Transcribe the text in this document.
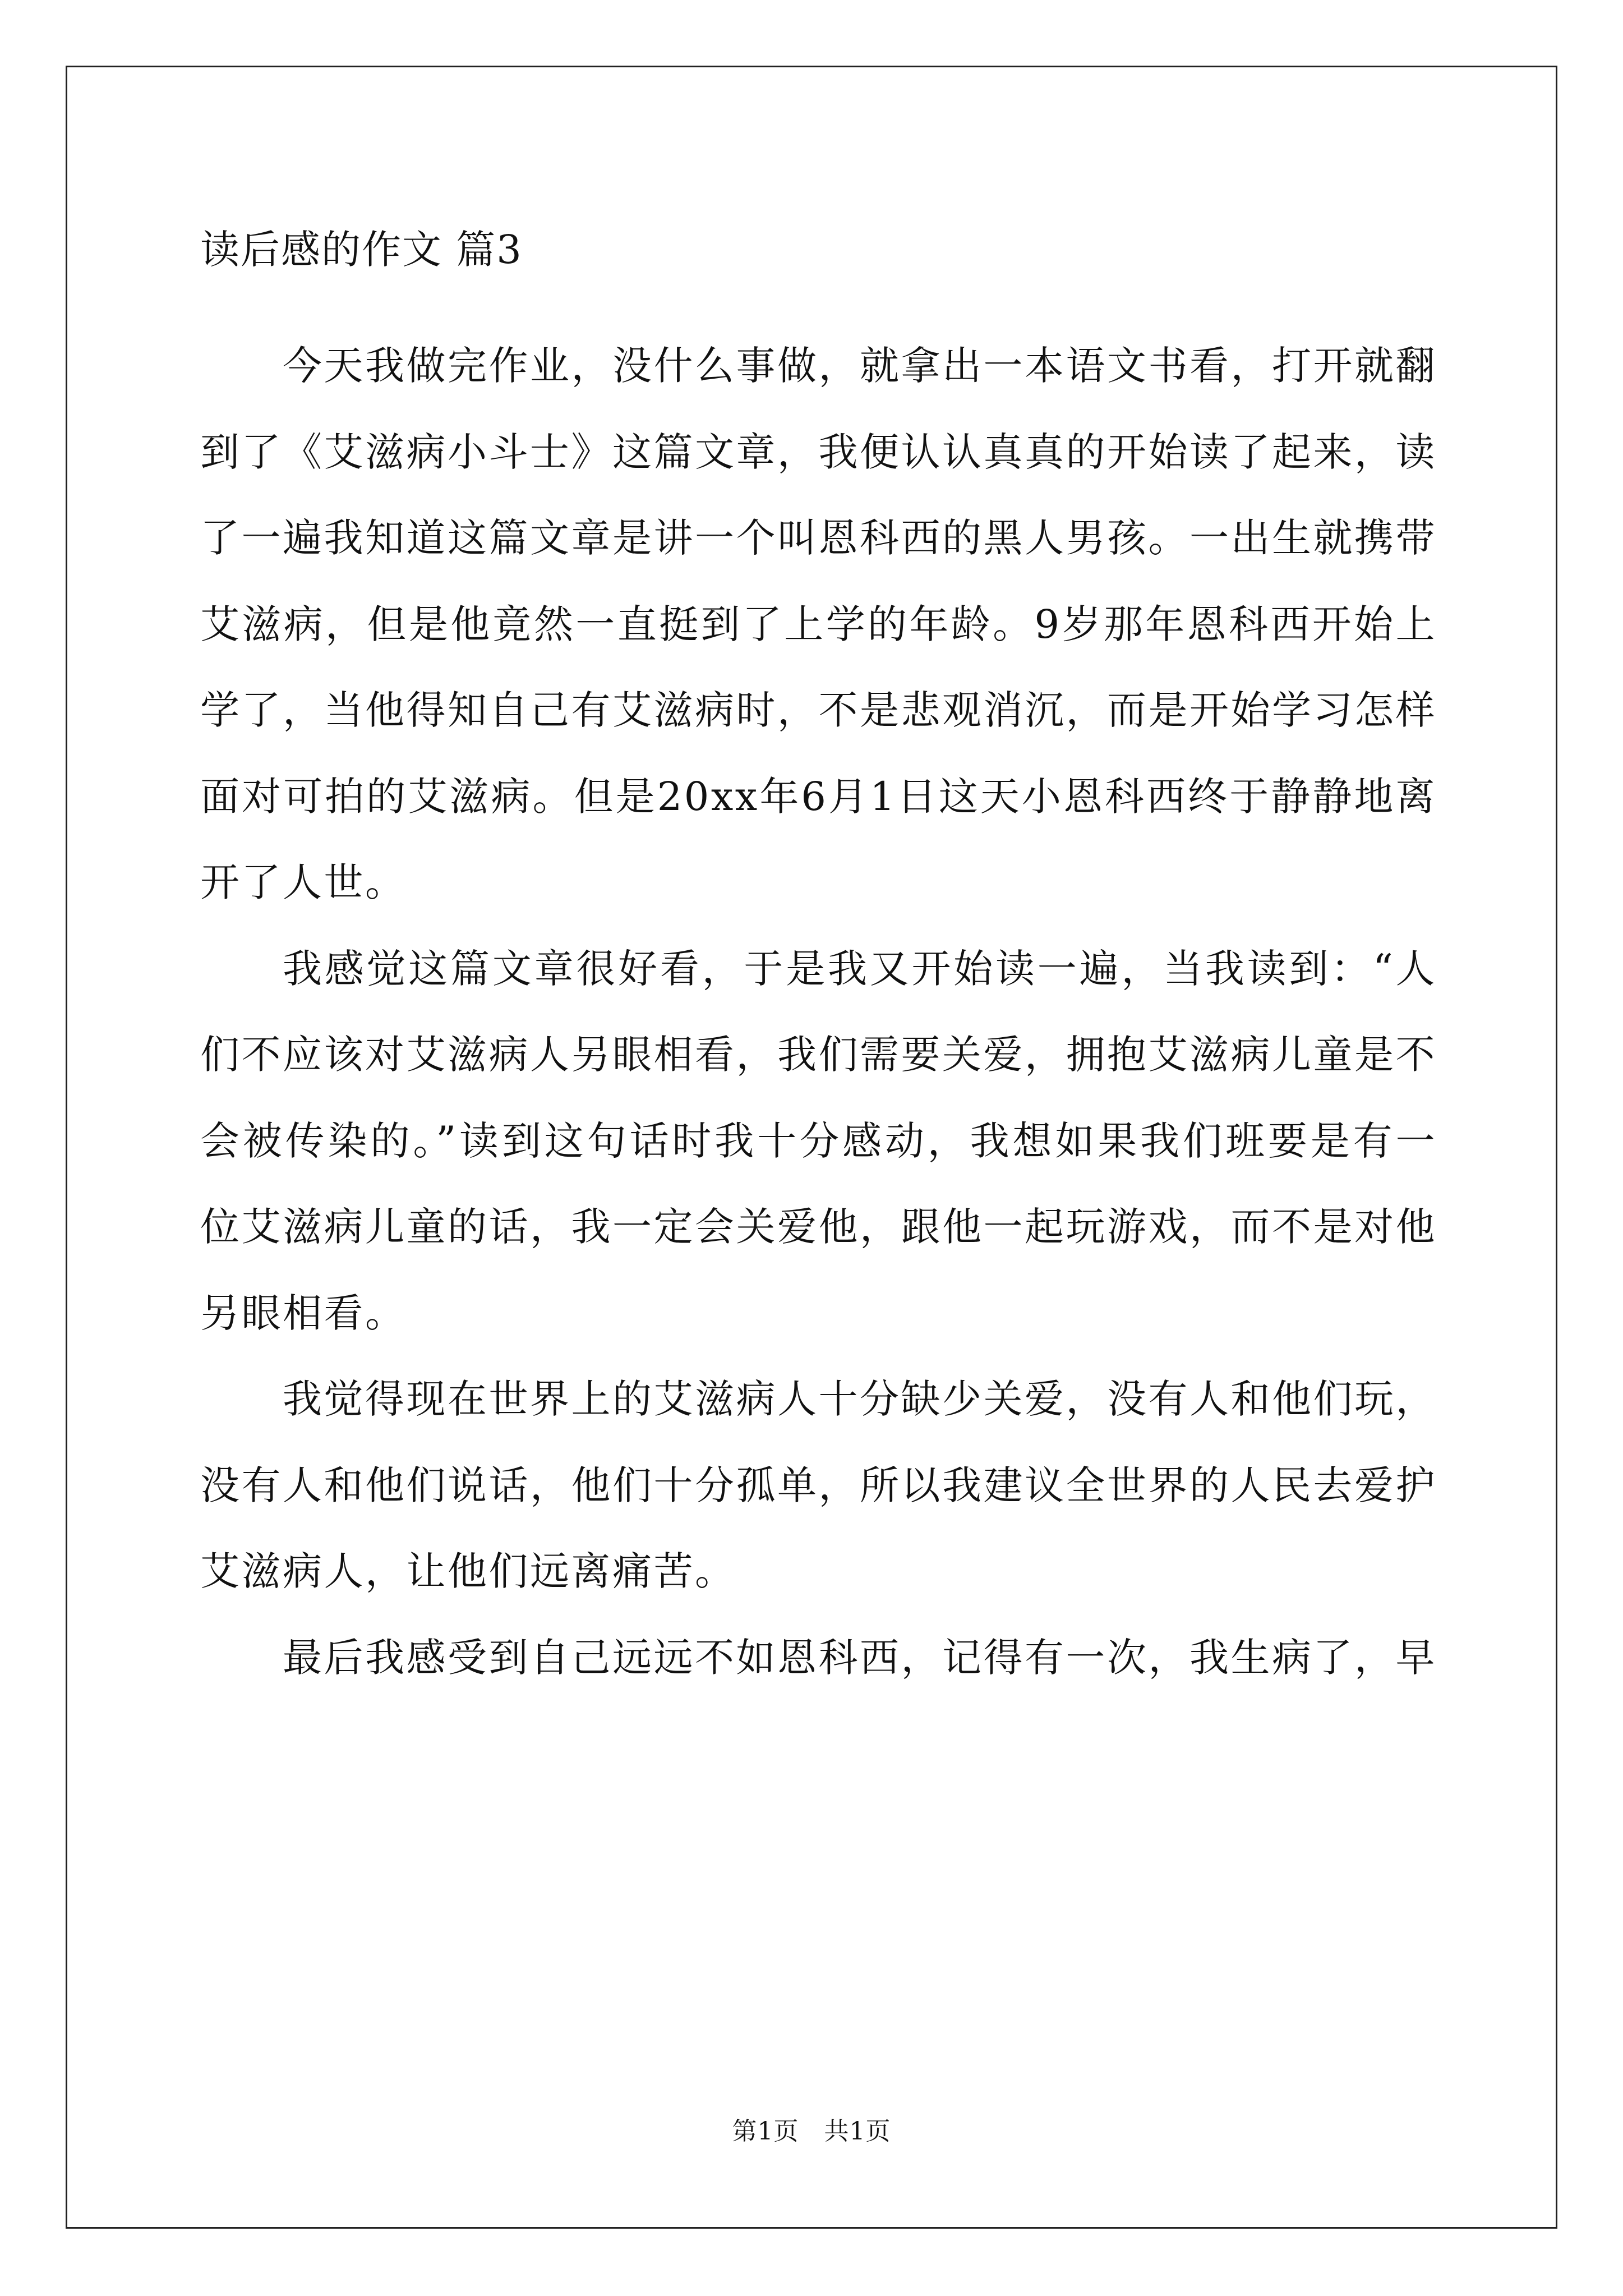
读后感的作文 篇3

今天我做完作业，没什么事做，就拿出一本语文书看，打开就翻到了《艾滋病小斗士》这篇文章，我便认认真真的开始读了起来，读了一遍我知道这篇文章是讲一个叫恩科西的黑人男孩。一出生就携带艾滋病，但是他竟然一直挺到了上学的年龄。9岁那年恩科西开始上学了，当他得知自己有艾滋病时，不是悲观消沉，而是开始学习怎样面对可拍的艾滋病。但是20xx年6月1日这天小恩科西终于静静地离开了人世。

我感觉这篇文章很好看，于是我又开始读一遍，当我读到：“人们不应该对艾滋病人另眼相看，我们需要关爱，拥抱艾滋病儿童是不会被传染的。”读到这句话时我十分感动，我想如果我们班要是有一位艾滋病儿童的话，我一定会关爱他，跟他一起玩游戏，而不是对他另眼相看。

我觉得现在世界上的艾滋病人十分缺少关爱，没有人和他们玩，没有人和他们说话，他们十分孤单，所以我建议全世界的人民去爱护艾滋病人，让他们远离痛苦。

最后我感受到自己远远不如恩科西，记得有一次，我生病了，早

第1页　共1页
